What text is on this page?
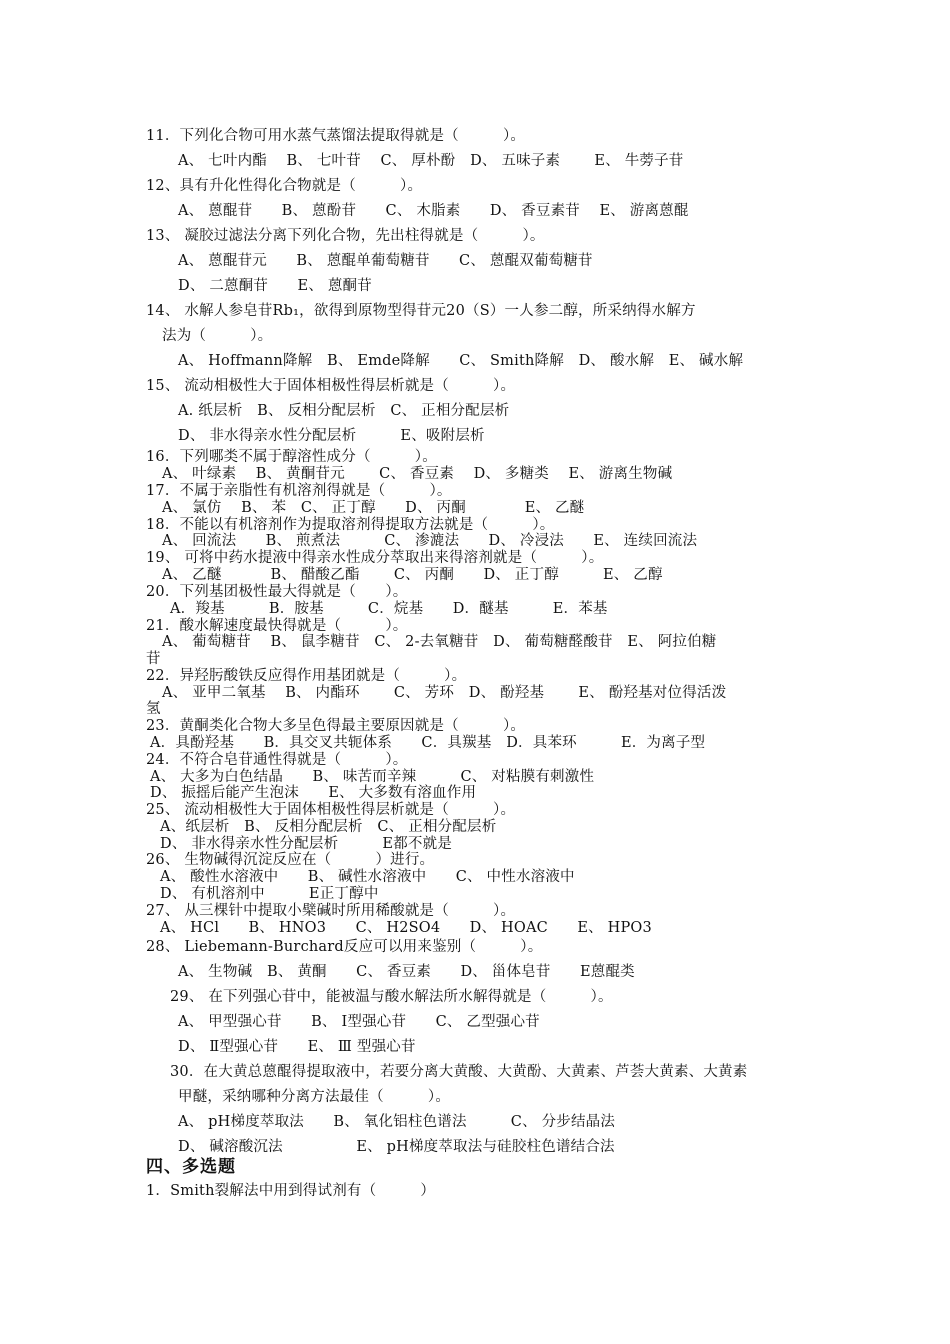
11．下列化合物可用水蒸气蒸馏法提取得就是（　　　）。
A、 七叶内酯　 B、 七叶苷　 C、 厚朴酚　D、 五味子素　　 E、 牛蒡子苷
12、具有升化性得化合物就是（　　　）。
A、 蒽醌苷　　B、 蒽酚苷　　C、 木脂素　　D、 香豆素苷　 E、 游离蒽醌
13、 凝胶过滤法分离下列化合物，先出柱得就是（　　　）。
A、 蒽醌苷元　　B、 蒽醌单葡萄糖苷　　C、 蒽醌双葡萄糖苷
D、 二蒽酮苷　　E、 蒽酮苷
14、 水解人参皂苷Rb₁，欲得到原物型得苷元20（S）一人参二醇，所采纳得水解方
法为（　　　）。
A、 Hoffmann降解　B、 Emde降解　　C、 Smith降解　D、 酸水解　E、 碱水解
15、 流动相极性大于固体相极性得层析就是（　　　）。
A. 纸层析　B、 反相分配层析　C、 正相分配层析
D、 非水得亲水性分配层析　　　E、吸附层析
16．下列哪类不属于醇溶性成分（　　　）。
A、 叶绿素　 B、 黄酮苷元　　 C、 香豆素　 D、 多糖类　 E、 游离生物碱
17．不属于亲脂性有机溶剂得就是（　　　）。
A、 氯仿　 B、 苯　C、 正丁醇　　D、 丙酮　　　　E、 乙醚
18．不能以有机溶剂作为提取溶剂得提取方法就是（　　　）。
A、 回流法　　B、 煎煮法　　　C、 渗漉法　　D、 冷浸法　　E、 连续回流法
19、 可将中药水提液中得亲水性成分萃取出来得溶剂就是（　　　）。
A、 乙醚　　　 B、 醋酸乙酯　　 C、 丙酮　　D、 正丁醇　　　E、 乙醇
20．下列基团极性最大得就是（　　）。
A．羧基　　　B．胺基　　　C．烷基　　D．醚基　　　E．苯基
21．酸水解速度最快得就是（　　　）。
A、 葡萄糖苷　 B、 鼠李糖苷　C、 2-去氧糖苷　D、 葡萄糖醛酸苷　E、 阿拉伯糖
苷
22．异羟肟酸铁反应得作用基团就是（　　　）。
A、 亚甲二氧基　 B、 内酯环　　 C、 芳环　D、 酚羟基　　 E、 酚羟基对位得活泼
氢
23．黄酮类化合物大多呈色得最主要原因就是（　　　）。
A．具酚羟基　　B．具交叉共轭体系　　C．具羰基　D．具苯环　　　E．为离子型
24．不符合皂苷通性得就是（　　　）。
A、 大多为白色结晶　　B、 味苦而辛辣　　　C、 对粘膜有刺激性
D、 振摇后能产生泡沫　　E、 大多数有溶血作用
25、 流动相极性大于固体相极性得层析就是（　　　）。
A、纸层析　B、 反相分配层析　C、 正相分配层析
D、 非水得亲水性分配层析　　　E都不就是
26、 生物碱得沉淀反应在（　　　）进行。
A、 酸性水溶液中　　B、 碱性水溶液中　　C、 中性水溶液中
D、 有机溶剂中　　　E正丁醇中
27、 从三棵针中提取小檗碱时所用稀酸就是（　　　）。
A、 HCl　　B、 HNO3　　C、 H2SO4　　D、 HOAC　　E、 HPO3
28、 Liebemann-Burchard反应可以用来鉴别（　　　）。
A、 生物碱　B、 黄酮　　C、 香豆素　　D、 甾体皂苷　　E蒽醌类
29、 在下列强心苷中，能被温与酸水解法所水解得就是（　　　）。
A、 甲型强心苷　　B、 Ⅰ型强心苷　　C、 乙型强心苷
D、 Ⅱ型强心苷　　E、 Ⅲ 型强心苷
30．在大黄总蒽醌得提取液中，若要分离大黄酸、大黄酚、大黄素、芦荟大黄素、大黄素
甲醚，采纳哪种分离方法最佳（　　　）。
A、 pH梯度萃取法　　B、 氧化铝柱色谱法　　　C、 分步结晶法
D、 碱溶酸沉法　　　　　E、 pH梯度萃取法与硅胶柱色谱结合法
四、多选题
1．Smith裂解法中用到得试剂有（　　　）
